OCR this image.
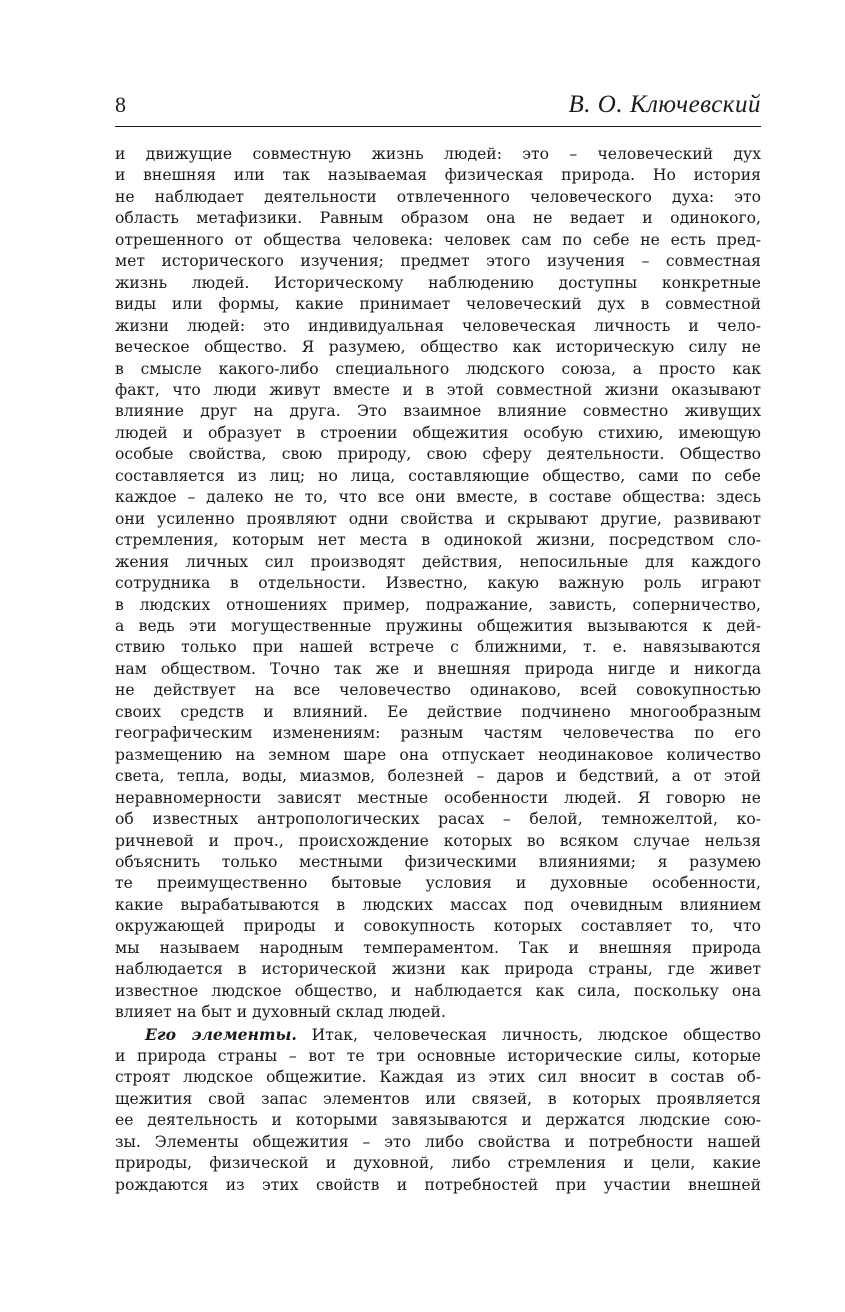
8	В. О. Ключевский
и движущие совместную жизнь людей: это – человеческий дух
и внешняя или так называемая физическая природа. Но история
не наблюдает деятельности отвлеченного человеческого духа: это
область метафизики. Равным образом она не ведает и одинокого,
отрешенного от общества человека: человек сам по себе не есть пред-
мет исторического изучения; предмет этого изучения – совместная
жизнь людей. Историческому наблюдению доступны конкретные
виды или формы, какие принимает человеческий дух в совместной
жизни людей: это индивидуальная человеческая личность и чело-
веческое общество. Я разумею, общество как историческую силу не
в смысле какого-либо специального людского союза, а просто как
факт, что люди живут вместе и в этой совместной жизни оказывают
влияние друг на друга. Это взаимное влияние совместно живущих
людей и образует в строении общежития особую стихию, имеющую
особые свойства, свою природу, свою сферу деятельности. Общество
составляется из лиц; но лица, составляющие общество, сами по себе
каждое – далеко не то, что все они вместе, в составе общества: здесь
они усиленно проявляют одни свойства и скрывают другие, развивают
стремления, которым нет места в одинокой жизни, посредством сло-
жения личных сил производят действия, непосильные для каждого
сотрудника в отдельности. Известно, какую важную роль играют
в людских отношениях пример, подражание, зависть, соперничество,
а ведь эти могущественные пружины общежития вызываются к дей-
ствию только при нашей встрече с ближними, т. е. навязываются
нам обществом. Точно так же и внешняя природа нигде и никогда
не действует на все человечество одинаково, всей совокупностью
своих средств и влияний. Ее действие подчинено многообразным
географическим изменениям: разным частям человечества по его
размещению на земном шаре она отпускает неодинаковое количество
света, тепла, воды, миазмов, болезней – даров и бедствий, а от этой
неравномерности зависят местные особенности людей. Я говорю не
об известных антропологических расах – белой, темножелтой, ко-
ричневой и проч., происхождение которых во всяком случае нельзя
объяснить только местными физическими влияниями; я разумею
те преимущественно бытовые условия и духовные особенности,
какие вырабатываются в людских массах под очевидным влиянием
окружающей природы и совокупность которых составляет то, что
мы называем народным темпераментом. Так и внешняя природа
наблюдается в исторической жизни как природа страны, где живет
известное людское общество, и наблюдается как сила, поскольку она
влияет на быт и духовный склад людей.
Его элементы. Итак, человеческая личность, людское общество
и природа страны – вот те три основные исторические силы, которые
строят людское общежитие. Каждая из этих сил вносит в состав об-
щежития свой запас элементов или связей, в которых проявляется
ее деятельность и которыми завязываются и держатся людские сою-
зы. Элементы общежития – это либо свойства и потребности нашей
природы, физической и духовной, либо стремления и цели, какие
рождаются из этих свойств и потребностей при участии внешней
